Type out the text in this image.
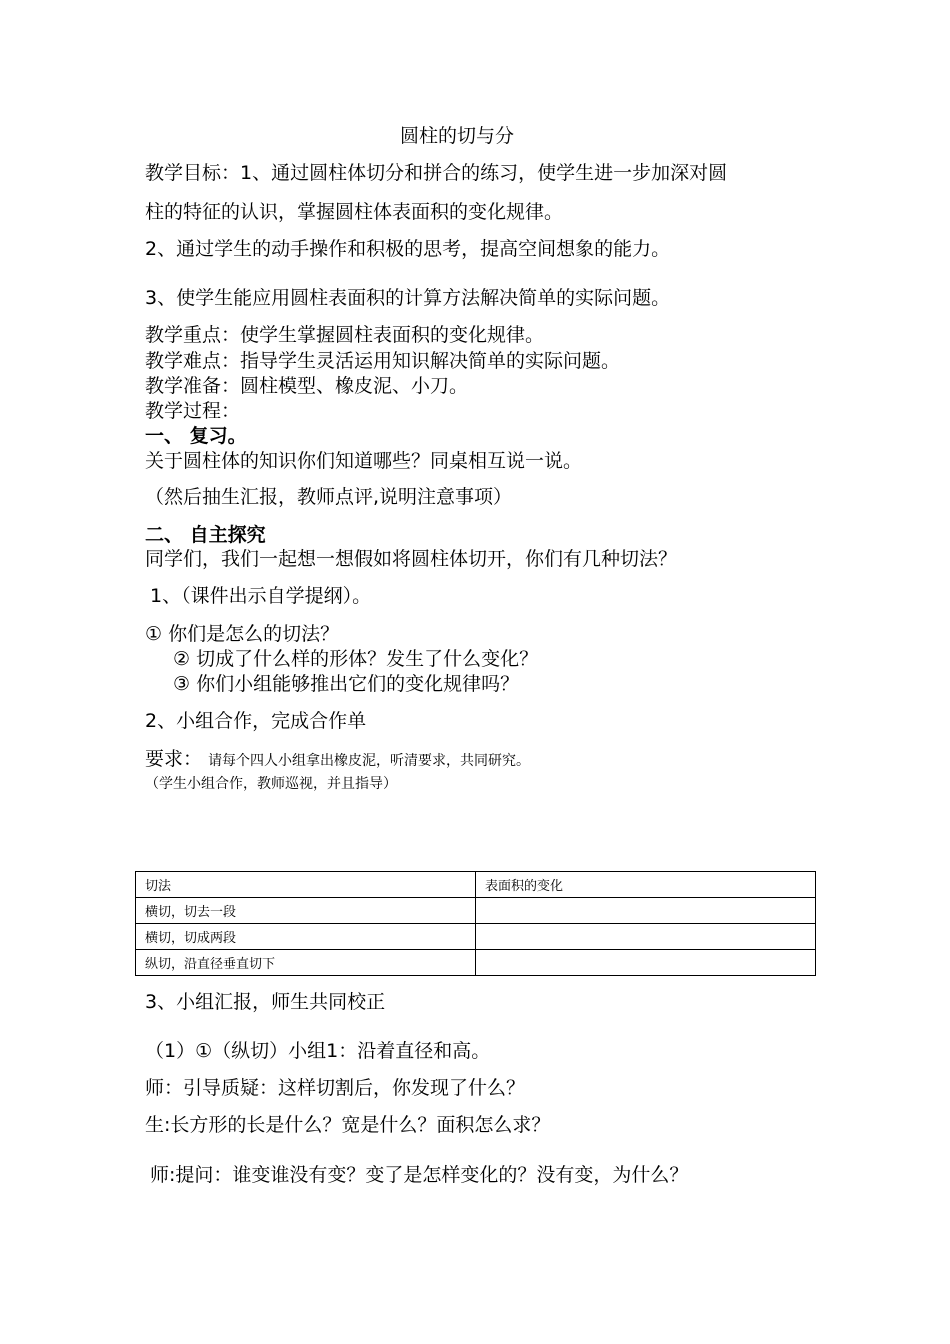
圆柱的切与分
教学目标：1、通过圆柱体切分和拼合的练习，使学生进一步加深对圆
柱的特征的认识，掌握圆柱体表面积的变化规律。
2、通过学生的动手操作和积极的思考，提高空间想象的能力。
3、使学生能应用圆柱表面积的计算方法解决简单的实际问题。
教学重点：使学生掌握圆柱表面积的变化规律。
教学难点：指导学生灵活运用知识解决简单的实际问题。
教学准备：圆柱模型、橡皮泥、小刀。
教学过程：
一、 复习。
关于圆柱体的知识你们知道哪些？同桌相互说一说。
（然后抽生汇报，教师点评,说明注意事项）
二、 自主探究
同学们，我们一起想一想假如将圆柱体切开，你们有几种切法？
1、（课件出示自学提纲）。
① 你们是怎么的切法？
② 切成了什么样的形体？发生了什么变化？
③ 你们小组能够推出它们的变化规律吗？
2、小组合作，完成合作单
要求： 请每个四人小组拿出橡皮泥，听清要求，共同研究。
（学生小组合作，教师巡视，并且指导）
切法	表面积的变化
横切，切去一段	
横切，切成两段	
纵切，沿直径垂直切下	
3、小组汇报，师生共同校正
（1）①（纵切）小组1：沿着直径和高。
师：引导质疑：这样切割后，你发现了什么？
生:长方形的长是什么？宽是什么？面积怎么求？
师:提问：谁变谁没有变？变了是怎样变化的？没有变，为什么？
